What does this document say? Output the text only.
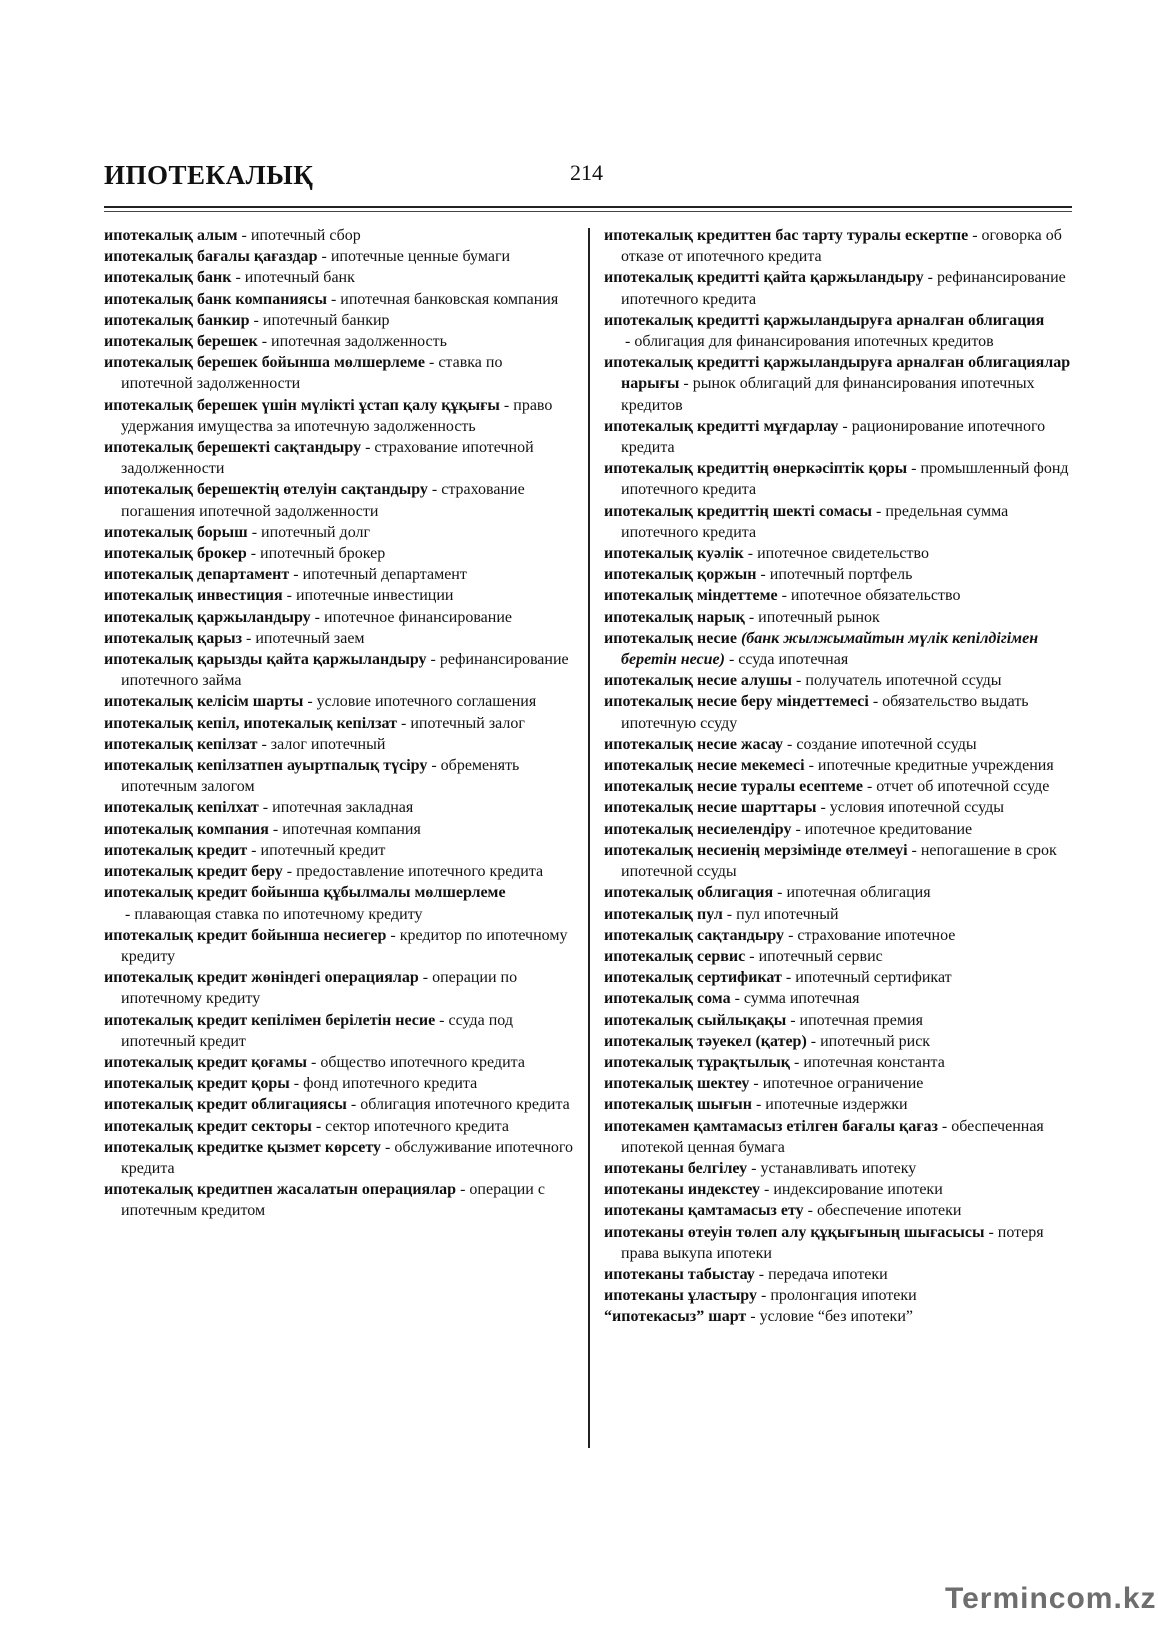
ИПОТЕКАЛЫҚ	214

ипотекалық алым - ипотечный сбор

ипотекалық бағалы қағаздар - ипотечные ценные бумаги

ипотекалық банк - ипотечный банк

ипотекалық банк компаниясы - ипотечная банковская компания

ипотекалық банкир - ипотечный банкир

ипотекалық берешек - ипотечная задолженность

ипотекалық берешек бойынша мөлшерлеме - ставка по ипотечной задолженности

ипотекалық берешек үшін мүлікті ұстап қалу құқығы - право удержания имущества за ипотечную задолженность

ипотекалық берешекті сақтандыру - страхование ипотечной задолженности

ипотекалық берешектің өтелуін сақтандыру - страхование погашения ипотечной задолженности

ипотекалық борыш - ипотечный долг

ипотекалық брокер - ипотечный брокер

ипотекалық департамент - ипотечный департамент

ипотекалық инвестиция - ипотечные инвестиции

ипотекалық қаржыландыру - ипотечное финансирование

ипотекалық қарыз - ипотечный заем

ипотекалық қарызды қайта қаржыландыру - рефинансирование ипотечного займа

ипотекалық келісім шарты - условие ипотечного соглашения

ипотекалық кепіл, ипотекалық кепілзат - ипотечный залог

ипотекалық кепілзат - залог ипотечный

ипотекалық кепілзатпен ауыртпалық түсіру - обременять ипотечным залогом

ипотекалық кепілхат - ипотечная закладная

ипотекалық компания - ипотечная компания

ипотекалық кредит - ипотечный кредит

ипотекалық кредит беру - предоставление ипотечного кредита

ипотекалық кредит бойынша құбылмалы мөлшерлеме - плавающая ставка по ипотечному кредиту

ипотекалық кредит бойынша несиегер - кредитор по ипотечному кредиту

ипотекалық кредит жөніндегі операциялар - операции по ипотечному кредиту

ипотекалық кредит кепілімен берілетін несие - ссуда под ипотечный кредит

ипотекалық кредит қоғамы - общество ипотечного кредита

ипотекалық кредит қоры - фонд ипотечного кредита

ипотекалық кредит облигациясы - облигация ипотечного кредита

ипотекалық кредит секторы - сектор ипотечного кредита

ипотекалық кредитке қызмет көрсету - обслуживание ипотечного кредита

ипотекалық кредитпен жасалатын операциялар - операции с ипотечным кредитом

ипотекалық кредиттен бас тарту туралы ескертпе - оговорка об отказе от ипотечного кредита

ипотекалық кредитті қайта қаржыландыру - рефинансирование ипотечного кредита

ипотекалық кредитті қаржыландыруға арналған облигация - облигация для финансирования ипотечных кредитов

ипотекалық кредитті қаржыландыруға арналған облигациялар нарығы - рынок облигаций для финансирования ипотечных кредитов

ипотекалық кредитті мұғдарлау - рационирование ипотечного кредита

ипотекалық кредиттің өнеркәсіптік қоры - промышленный фонд ипотечного кредита

ипотекалық кредиттің шекті сомасы - предельная сумма ипотечного кредита

ипотекалық куәлік - ипотечное свидетельство

ипотекалық қоржын - ипотечный портфель

ипотекалық міндеттеме - ипотечное обязательство

ипотекалық нарық - ипотечный рынок

ипотекалық несие (банк жылжымайтын мүлік кепілдігімен беретін несие) - ссуда ипотечная

ипотекалық несие алушы - получатель ипотечной ссуды

ипотекалық несие беру міндеттемесі - обязательство выдать ипотечную ссуду

ипотекалық несие жасау - создание ипотечной ссуды

ипотекалық несие мекемесі - ипотечные кредитные учреждения

ипотекалық несие туралы есептеме - отчет об ипотечной ссуде

ипотекалық несие шарттары - условия ипотечной ссуды

ипотекалық несиелендіру - ипотечное кредитование

ипотекалық несиенің мерзімінде өтелмеуі - непогашение в срок ипотечной ссуды

ипотекалық облигация - ипотечная облигация

ипотекалық пул - пул ипотечный

ипотекалық сақтандыру - страхование ипотечное

ипотекалық сервис - ипотечный сервис

ипотекалық сертификат - ипотечный сертификат

ипотекалық сома - сумма ипотечная

ипотекалық сыйлықақы - ипотечная премия

ипотекалық тәуекел (қатер) - ипотечный риск

ипотекалық тұрақтылық - ипотечная константа

ипотекалық шектеу - ипотечное ограничение

ипотекалық шығын - ипотечные издержки

ипотекамен қамтамасыз етілген бағалы қағаз - обеспеченная ипотекой ценная бумага

ипотеканы белгілеу - устанавливать ипотеку

ипотеканы индекстеу - индексирование ипотеки

ипотеканы қамтамасыз ету - обеспечение ипотеки

ипотеканы өтеуін төлеп алу құқығының шығасысы - потеря права выкупа ипотеки

ипотеканы табыстау - передача ипотеки

ипотеканы ұластыру - пролонгация ипотеки

“ипотекасыз” шарт - условие “без ипотеки”

Termincom.kz
